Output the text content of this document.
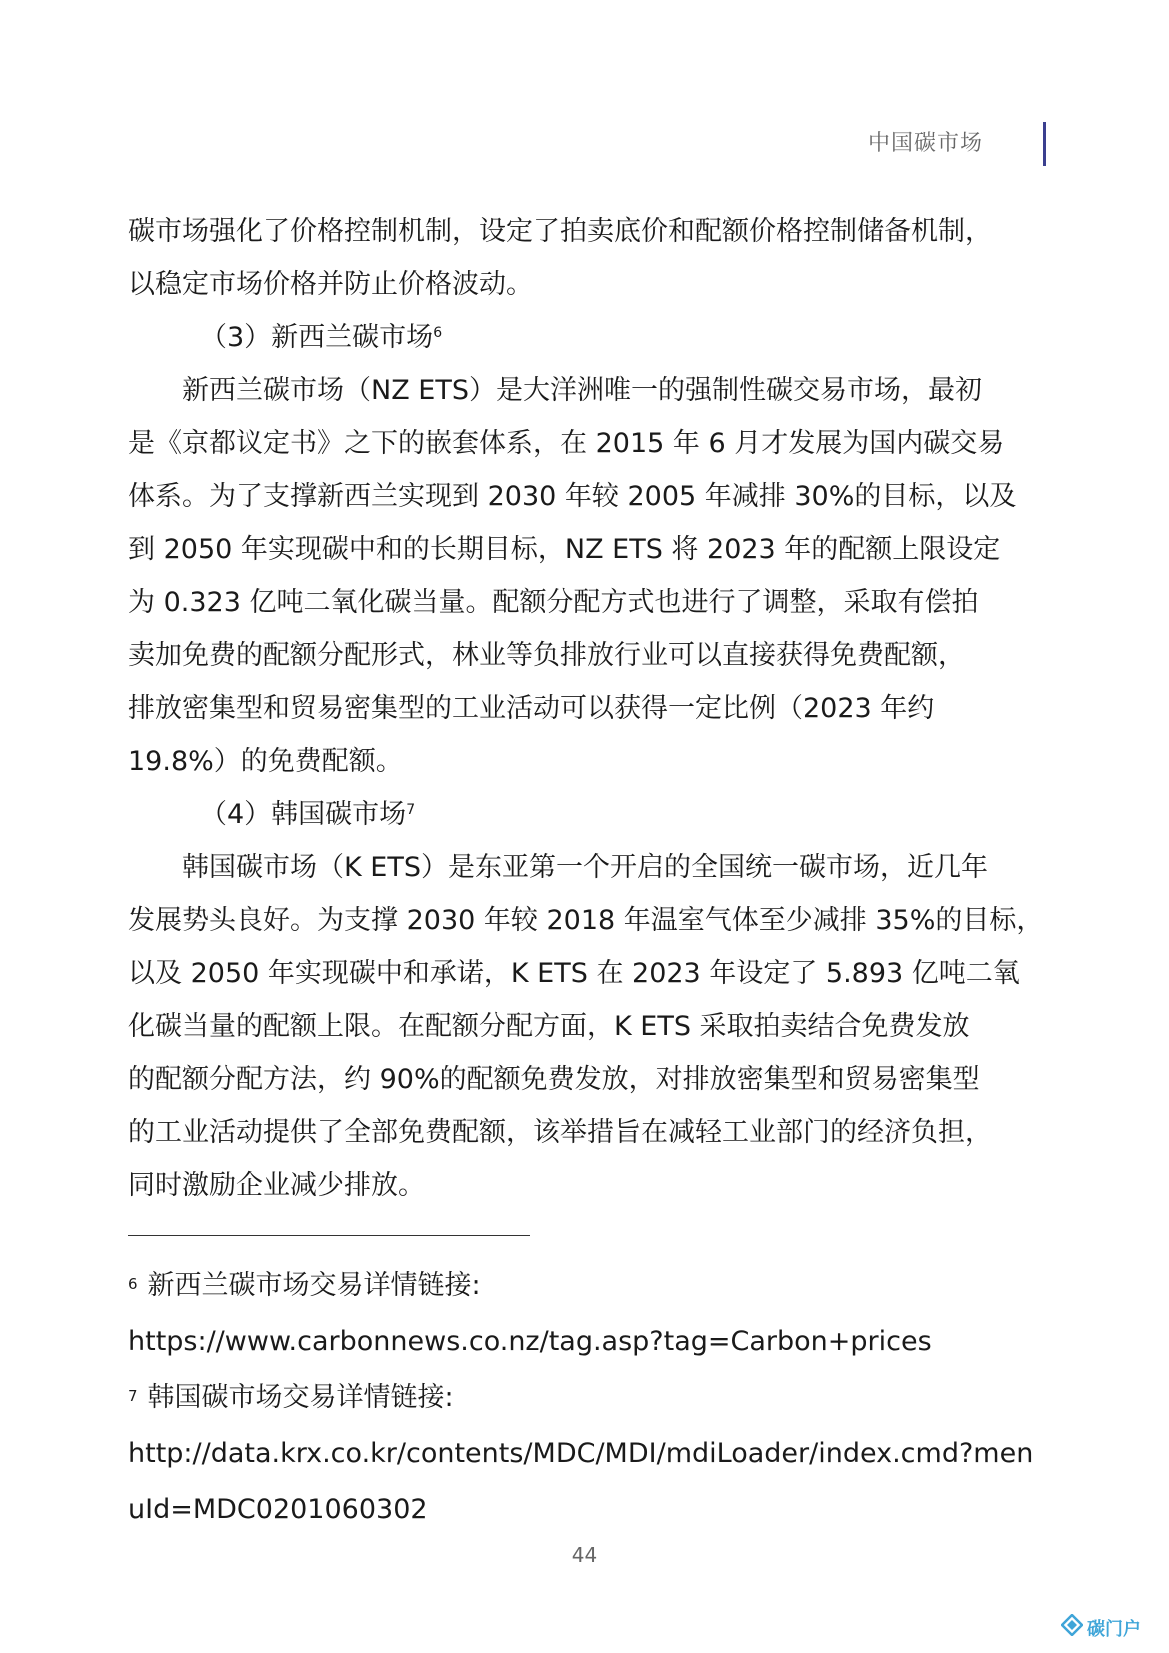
中国碳市场
碳市场强化了价格控制机制，设定了拍卖底价和配额价格控制储备机制，
以稳定市场价格并防止价格波动。
（3）新西兰碳市场$^6$
新西兰碳市场（NZ ETS）是大洋洲唯一的强制性碳交易市场，最初
是《京都议定书》之下的嵌套体系，在 2015 年 6 月才发展为国内碳交易
体系。为了支撑新西兰实现到 2030 年较 2005 年减排 30%的目标，以及
到 2050 年实现碳中和的长期目标，NZ ETS 将 2023 年的配额上限设定
为 0.323 亿吨二氧化碳当量。配额分配方式也进行了调整，采取有偿拍
卖加免费的配额分配形式，林业等负排放行业可以直接获得免费配额，
排放密集型和贸易密集型的工业活动可以获得一定比例（2023 年约
19.8%）的免费配额。
（4）韩国碳市场$^7$
韩国碳市场（K ETS）是东亚第一个开启的全国统一碳市场，近几年
发展势头良好。为支撑 2030 年较 2018 年温室气体至少减排 35%的目标，
以及 2050 年实现碳中和承诺，K ETS 在 2023 年设定了 5.893 亿吨二氧
化碳当量的配额上限。在配额分配方面，K ETS 采取拍卖结合免费发放
的配额分配方法，约 90%的配额免费发放，对排放密集型和贸易密集型
的工业活动提供了全部免费配额，该举措旨在减轻工业部门的经济负担，
同时激励企业减少排放。
$^6$ 新西兰碳市场交易详情链接:
https://www.carbonnews.co.nz/tag.asp?tag=Carbon+prices
$^7$ 韩国碳市场交易详情链接:
http://data.krx.co.kr/contents/MDC/MDI/mdiLoader/index.cmd?men
uId=MDC0201060302
44
碳门户
